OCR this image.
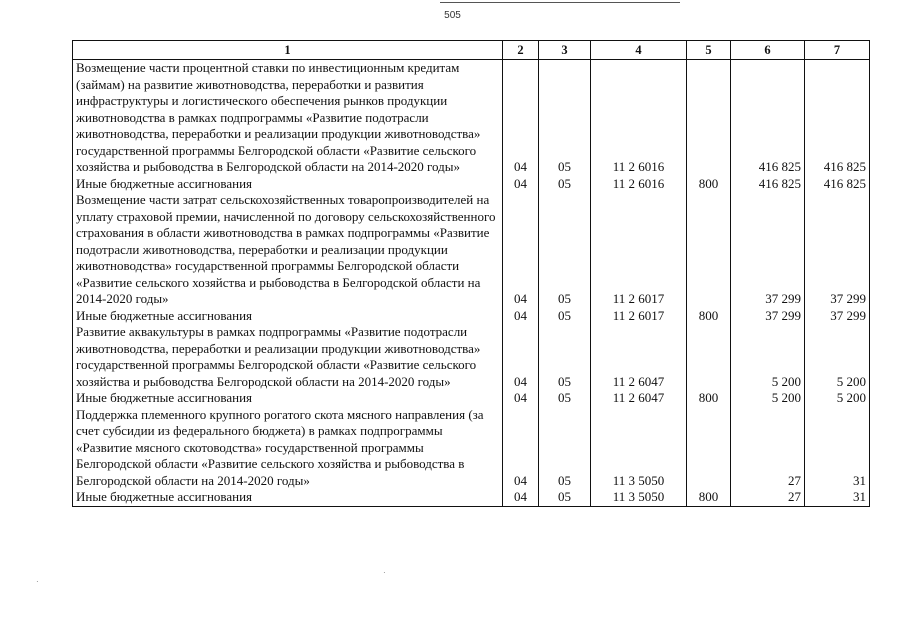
505
1	2	3	4	5	6	7
Возмещение части процентной ставки по инвестиционным кредитам (займам) на развитие животноводства, переработки и развития инфраструктуры и логистического обеспечения рынков продукции животноводства в рамках подпрограммы «Развитие подотрасли животноводства, переработки и реализации продукции животноводства» государственной программы Белгородской области «Развитие сельского хозяйства и рыбоводства в Белгородской области на 2014-2020 годы»	04	05	11 2 6016		416 825	416 825
Иные бюджетные ассигнования	04	05	11 2 6016	800	416 825	416 825
Возмещение части затрат сельскохозяйственных товаропроизводителей на уплату страховой премии, начисленной по договору сельскохозяйственного страхования в области животноводства в рамках подпрограммы «Развитие подотрасли животноводства, переработки и реализации продукции животноводства» государственной программы Белгородской области «Развитие сельского хозяйства и рыбоводства в Белгородской области на 2014-2020 годы»	04	05	11 2 6017		37 299	37 299
Иные бюджетные ассигнования	04	05	11 2 6017	800	37 299	37 299
Развитие аквакультуры в рамках подпрограммы «Развитие подотрасли животноводства, переработки и реализации продукции животноводства» государственной программы Белгородской области «Развитие сельского хозяйства и рыбоводства Белгородской области на 2014-2020 годы»	04	05	11 2 6047		5 200	5 200
Иные бюджетные ассигнования	04	05	11 2 6047	800	5 200	5 200
Поддержка племенного крупного рогатого скота мясного направления (за счет субсидии из федерального бюджета) в рамках подпрограммы «Развитие мясного скотоводства» государственной программы Белгородской области «Развитие сельского хозяйства и рыбоводства в Белгородской области на 2014-2020 годы»	04	05	11 3 5050		27	31
Иные бюджетные ассигнования	04	05	11 3 5050	800	27	31
·
·
